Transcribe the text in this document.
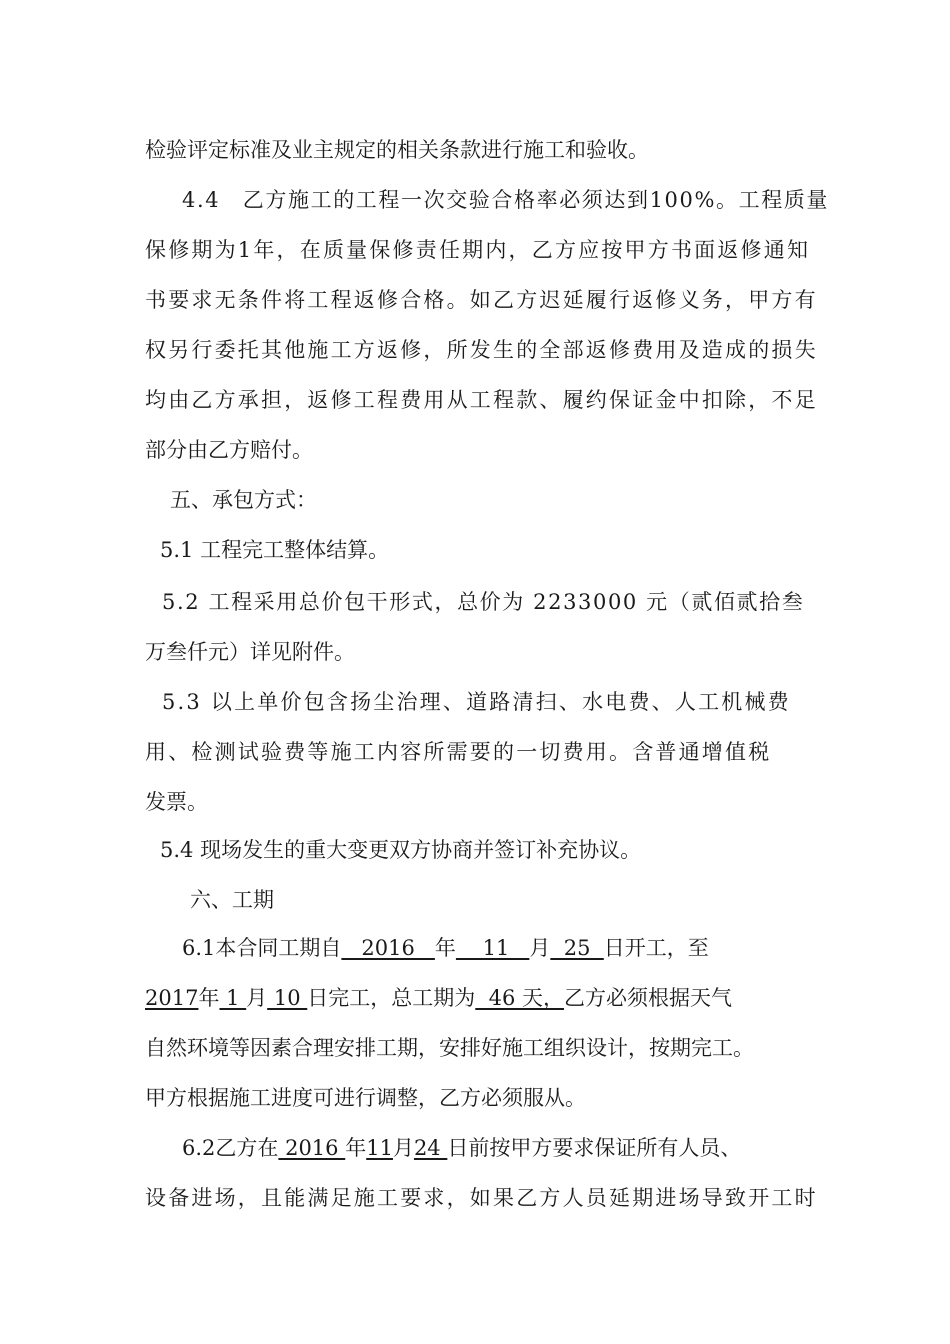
检验评定标准及业主规定的相关条款进行施工和验收。
4.4　乙方施工的工程一次交验合格率必须达到100%。工程质量
保修期为1年，在质量保修责任期内，乙方应按甲方书面返修通知
书要求无条件将工程返修合格。如乙方迟延履行返修义务，甲方有
权另行委托其他施工方返修，所发生的全部返修费用及造成的损失
均由乙方承担，返修工程费用从工程款、履约保证金中扣除，不足
部分由乙方赔付。
五、承包方式：
5.1 工程完工整体结算。
5.2 工程采用总价包干形式，总价为 2233000 元（贰佰贰拾叁
万叁仟元）详见附件。
5.3 以上单价包含扬尘治理、道路清扫、水电费、人工机械费
用、检测试验费等施工内容所需要的一切费用。含普通增值税
发票。
5.4 现场发生的重大变更双方协商并签订补充协议。
六、工期
6.1本合同工期自   2016   年    11   月  25  日开工，至
2017年 1 月 10 日完工，总工期为  46 天，乙方必须根据天气
自然环境等因素合理安排工期，安排好施工组织设计，按期完工。
甲方根据施工进度可进行调整，乙方必须服从。
6.2乙方在 2016 年11月24 日前按甲方要求保证所有人员、
设备进场，且能满足施工要求，如果乙方人员延期进场导致开工时
